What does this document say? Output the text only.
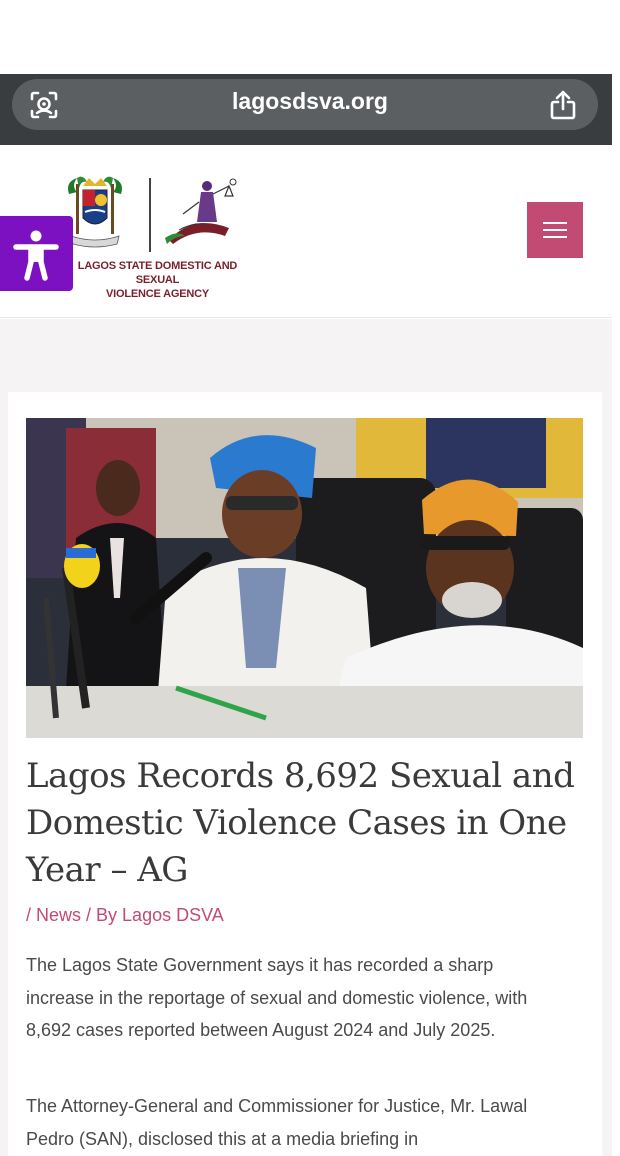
lagosdsva.org
LAGOS STATE DOMESTIC AND SEXUAL
VIOLENCE AGENCY
Lagos Records 8,692 Sexual and Domestic Violence Cases in One Year – AG
/ News / By Lagos DSVA

The Lagos State Government says it has recorded a sharp increase in the reportage of sexual and domestic violence, with 8,692 cases reported between August 2024 and July 2025.

The Attorney-General and Commissioner for Justice, Mr. Lawal Pedro (SAN), disclosed this at a media briefing in
